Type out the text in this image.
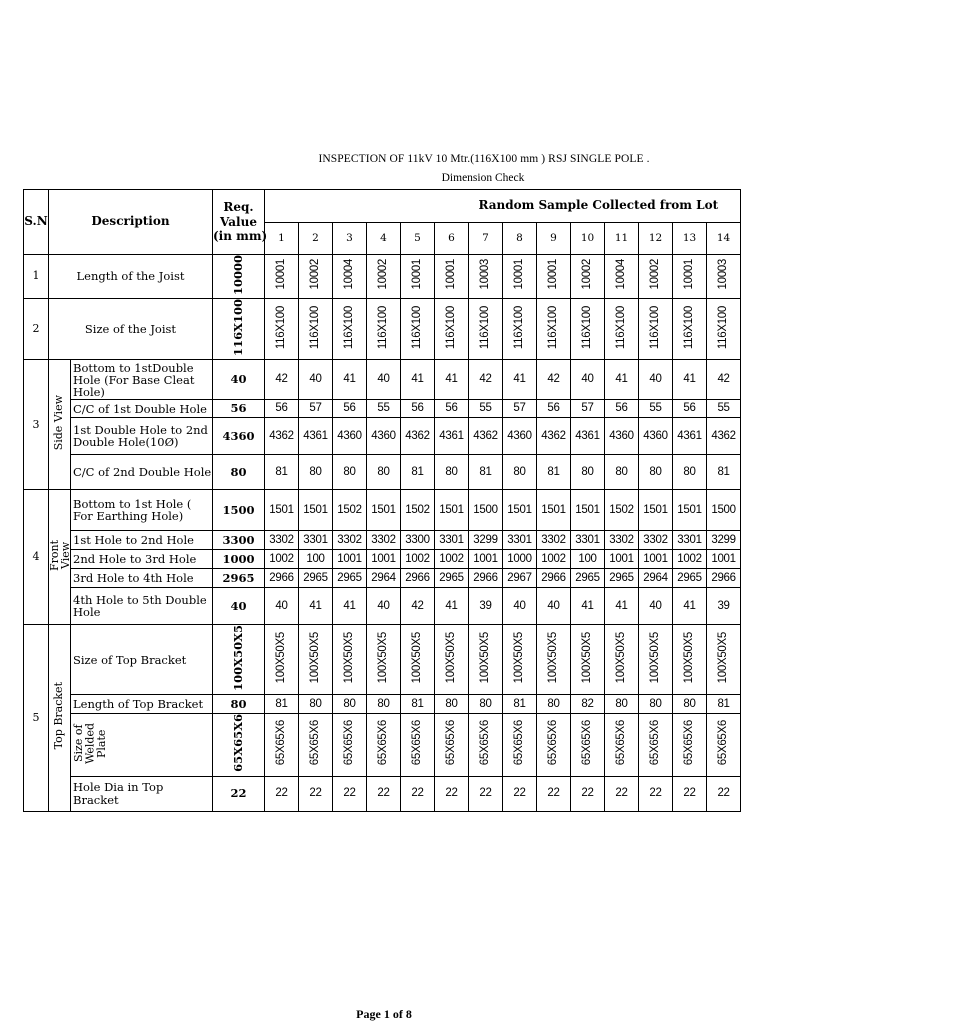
INSPECTION OF 11kV 10 Mtr.(116X100 mm ) RSJ SINGLE POLE .
Dimension Check
S.N	Description		Req.
Value
(in mm)	Random Sample Collected from Lot													
				1	2	3	4	5	6	7	8	9	10	11	12	13	14
1	Length of the Joist		10000	10001	10002	10004	10002	10001	10001	10003	10001	10001	10002	10004	10002	10001	10003
2	Size of the Joist		116X100	116X100	116X100	116X100	116X100	116X100	116X100	116X100	116X100	116X100	116X100	116X100	116X100	116X100	116X100
3	Side View	Bottom to 1stDouble Hole (For Base Cleat Hole)	40	42	40	41	40	41	41	42	41	42	40	41	40	41	42
		C/C of 1st Double Hole	56	56	57	56	55	56	56	55	57	56	57	56	55	56	55
		1st Double Hole to 2nd Double Hole(10Ø)	4360	4362	4361	4360	4360	4362	4361	4362	4360	4362	4361	4360	4360	4361	4362
		C/C of 2nd Double Hole	80	81	80	80	80	81	80	81	80	81	80	80	80	80	81
4	Front
View	Bottom to 1st Hole ( For Earthing Hole)	1500	1501	1501	1502	1501	1502	1501	1500	1501	1501	1501	1502	1501	1501	1500
		1st Hole to 2nd Hole	3300	3302	3301	3302	3302	3300	3301	3299	3301	3302	3301	3302	3302	3301	3299
		2nd Hole to 3rd Hole	1000	1002	100	1001	1001	1002	1002	1001	1000	1002	100	1001	1001	1002	1001
		3rd Hole to 4th Hole	2965	2966	2965	2965	2964	2966	2965	2966	2967	2966	2965	2965	2964	2965	2966
		4th Hole to 5th Double Hole	40	40	41	41	40	42	41	39	40	40	41	41	40	41	39
5	Top Bracket	Size of Top Bracket	100X50X5	100X50X5	100X50X5	100X50X5	100X50X5	100X50X5	100X50X5	100X50X5	100X50X5	100X50X5	100X50X5	100X50X5	100X50X5	100X50X5	100X50X5
		Length of Top Bracket	80	81	80	80	80	81	80	80	81	80	82	80	80	80	81
		Size of
Welded
Plate	65X65X6	65X65X6	65X65X6	65X65X6	65X65X6	65X65X6	65X65X6	65X65X6	65X65X6	65X65X6	65X65X6	65X65X6	65X65X6	65X65X6	65X65X6
		Hole Dia in Top Bracket	22	22	22	22	22	22	22	22	22	22	22	22	22	22	22
Page 1 of 8
